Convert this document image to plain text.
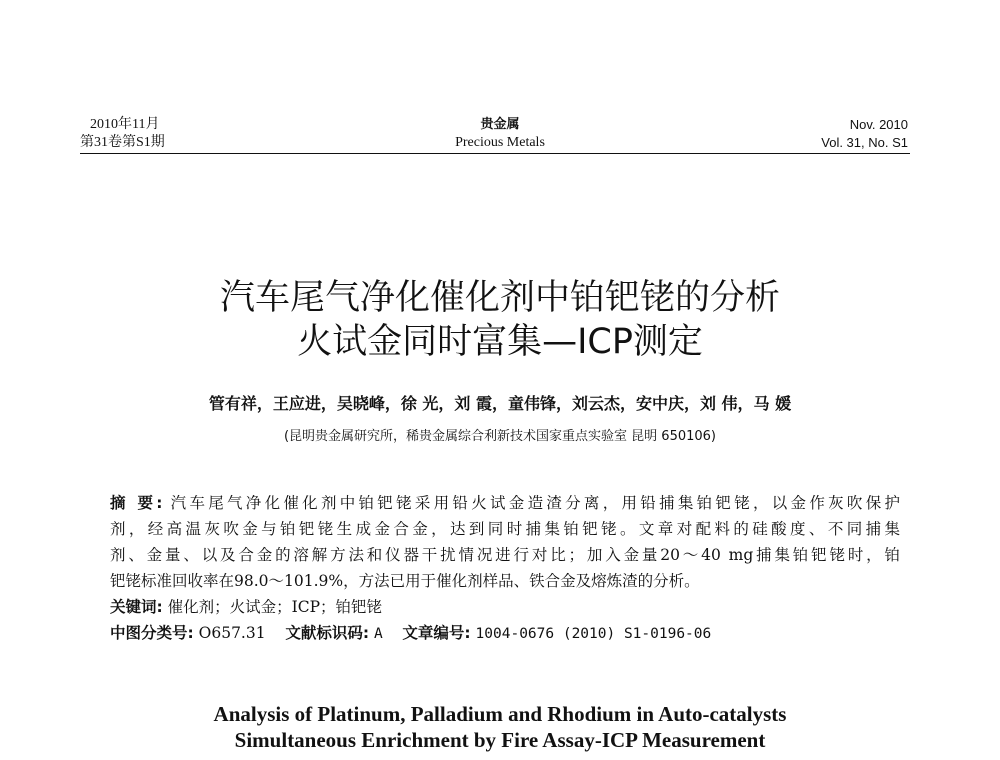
2010年11月
第31卷第S1期
贵金属
Precious Metals
Nov. 2010
Vol. 31, No. S1
汽车尾气净化催化剂中铂钯铑的分析
火试金同时富集—ICP测定
管有祥，王应进，吴晓峰，徐 光，刘 霞，童伟锋，刘云杰，安中庆，刘 伟，马 媛
(昆明贵金属研究所，稀贵金属综合利新技术国家重点实验室 昆明 650106)
摘 要: 汽车尾气净化催化剂中铂钯铑采用铅火试金造渣分离，用铅捕集铂钯铑，以金作灰吹保护
剂，经高温灰吹金与铂钯铑生成金合金，达到同时捕集铂钯铑。文章对配料的硅酸度、不同捕集
剂、金量、以及合金的溶解方法和仪器干扰情况进行对比；加入金量20～40 mg捕集铂钯铑时，铂
钯铑标准回收率在98.0～101.9%，方法已用于催化剂样品、铁合金及熔炼渣的分析。
关键词: 催化剂；火试金；ICP；铂钯铑
中图分类号: O657.31 文献标识码: A 文章编号: 1004-0676 (2010) S1-0196-06
Analysis of Platinum, Palladium and Rhodium in Auto-catalysts
Simultaneous Enrichment by Fire Assay-ICP Measurement
